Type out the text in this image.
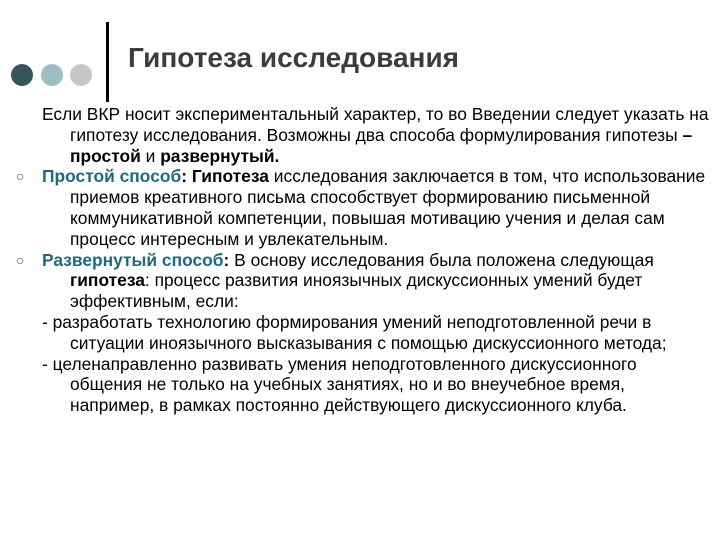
Гипотеза исследования

Если ВКР носит экспериментальный характер, то во Введении следует указать на гипотезу исследования. Возможны два способа формулирования гипотезы – простой и развернутый.

○	Простой способ: Гипотеза исследования заключается в том, что использование приемов креативного письма способствует формированию письменной коммуникативной компетенции, повышая мотивацию учения и делая сам процесс интересным и увлекательным.

○	Развернутый способ: В основу исследования была положена следующая гипотеза: процесс развития иноязычных дискуссионных умений будет эффективным, если:

- разработать технологию формирования умений неподготовленной речи в ситуации иноязычного высказывания с помощью дискуссионного метода;

- целенаправленно развивать умения неподготовленного дискуссионного общения не только на учебных занятиях, но и во внеучебное время, например, в рамках постоянно действующего дискуссионного клуба.
